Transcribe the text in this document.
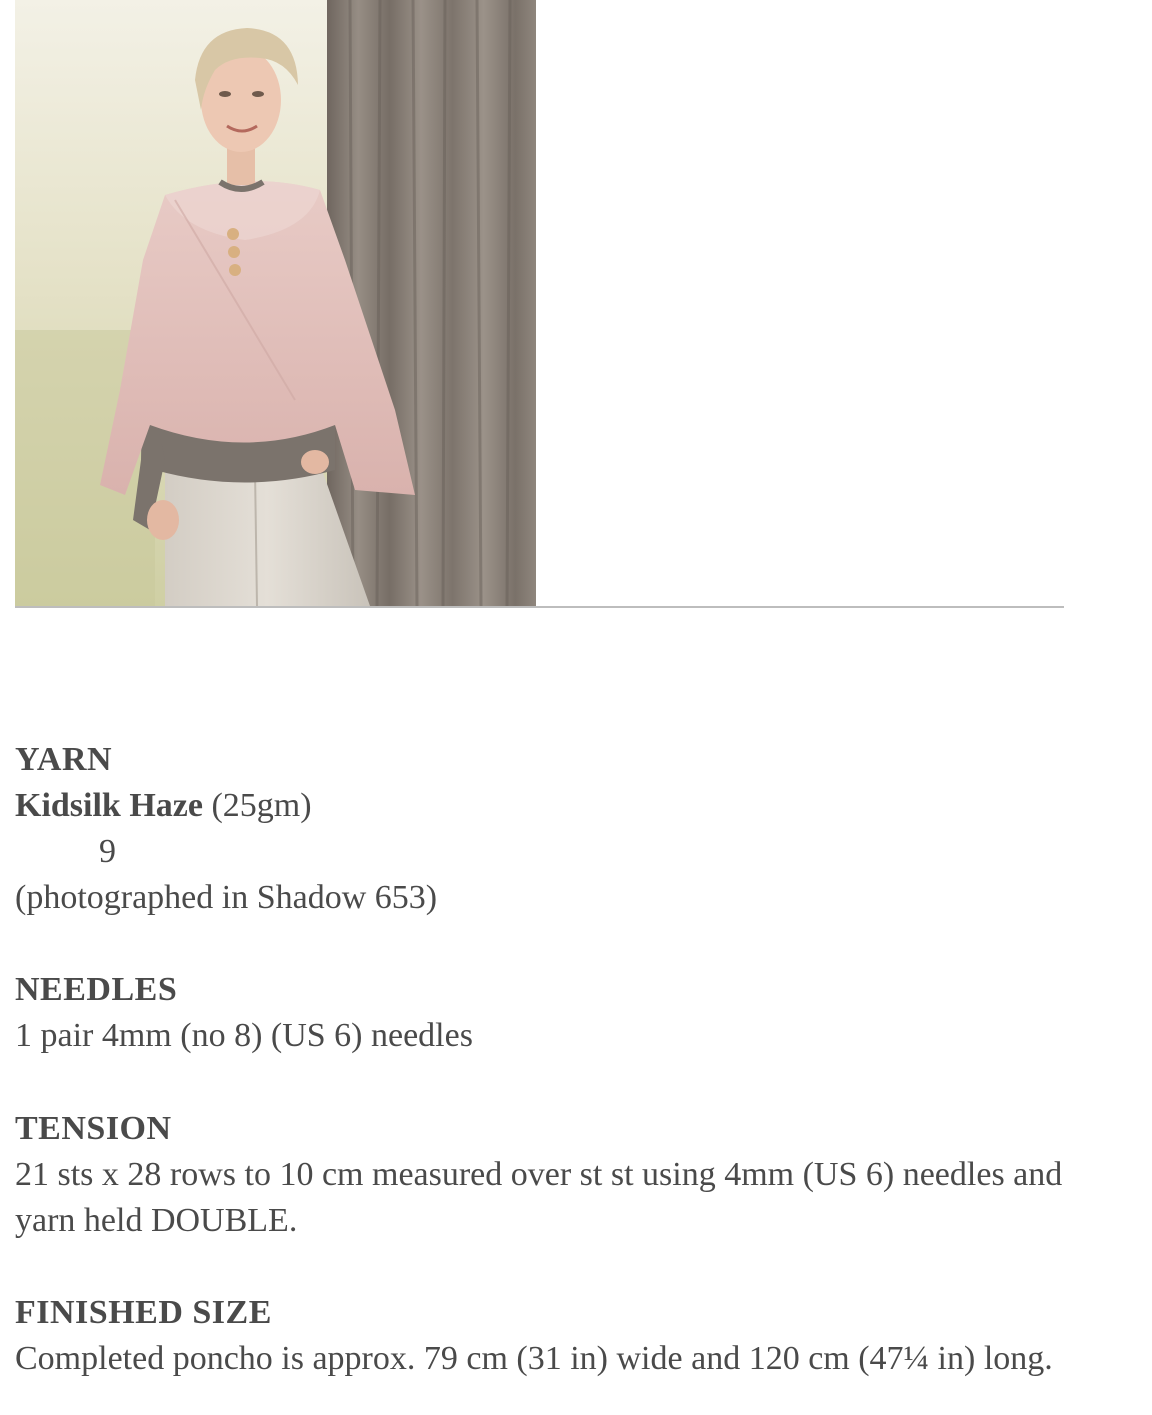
YARN
Kidsilk Haze (25gm)
9
(photographed in Shadow 653)
NEEDLES
1 pair 4mm (no 8) (US 6) needles
TENSION
21 sts x 28 rows to 10 cm measured over st st using 4mm (US 6) needles and yarn held DOUBLE.
FINISHED SIZE
Completed poncho is approx. 79 cm (31 in) wide and 120 cm (47¼ in) long.
